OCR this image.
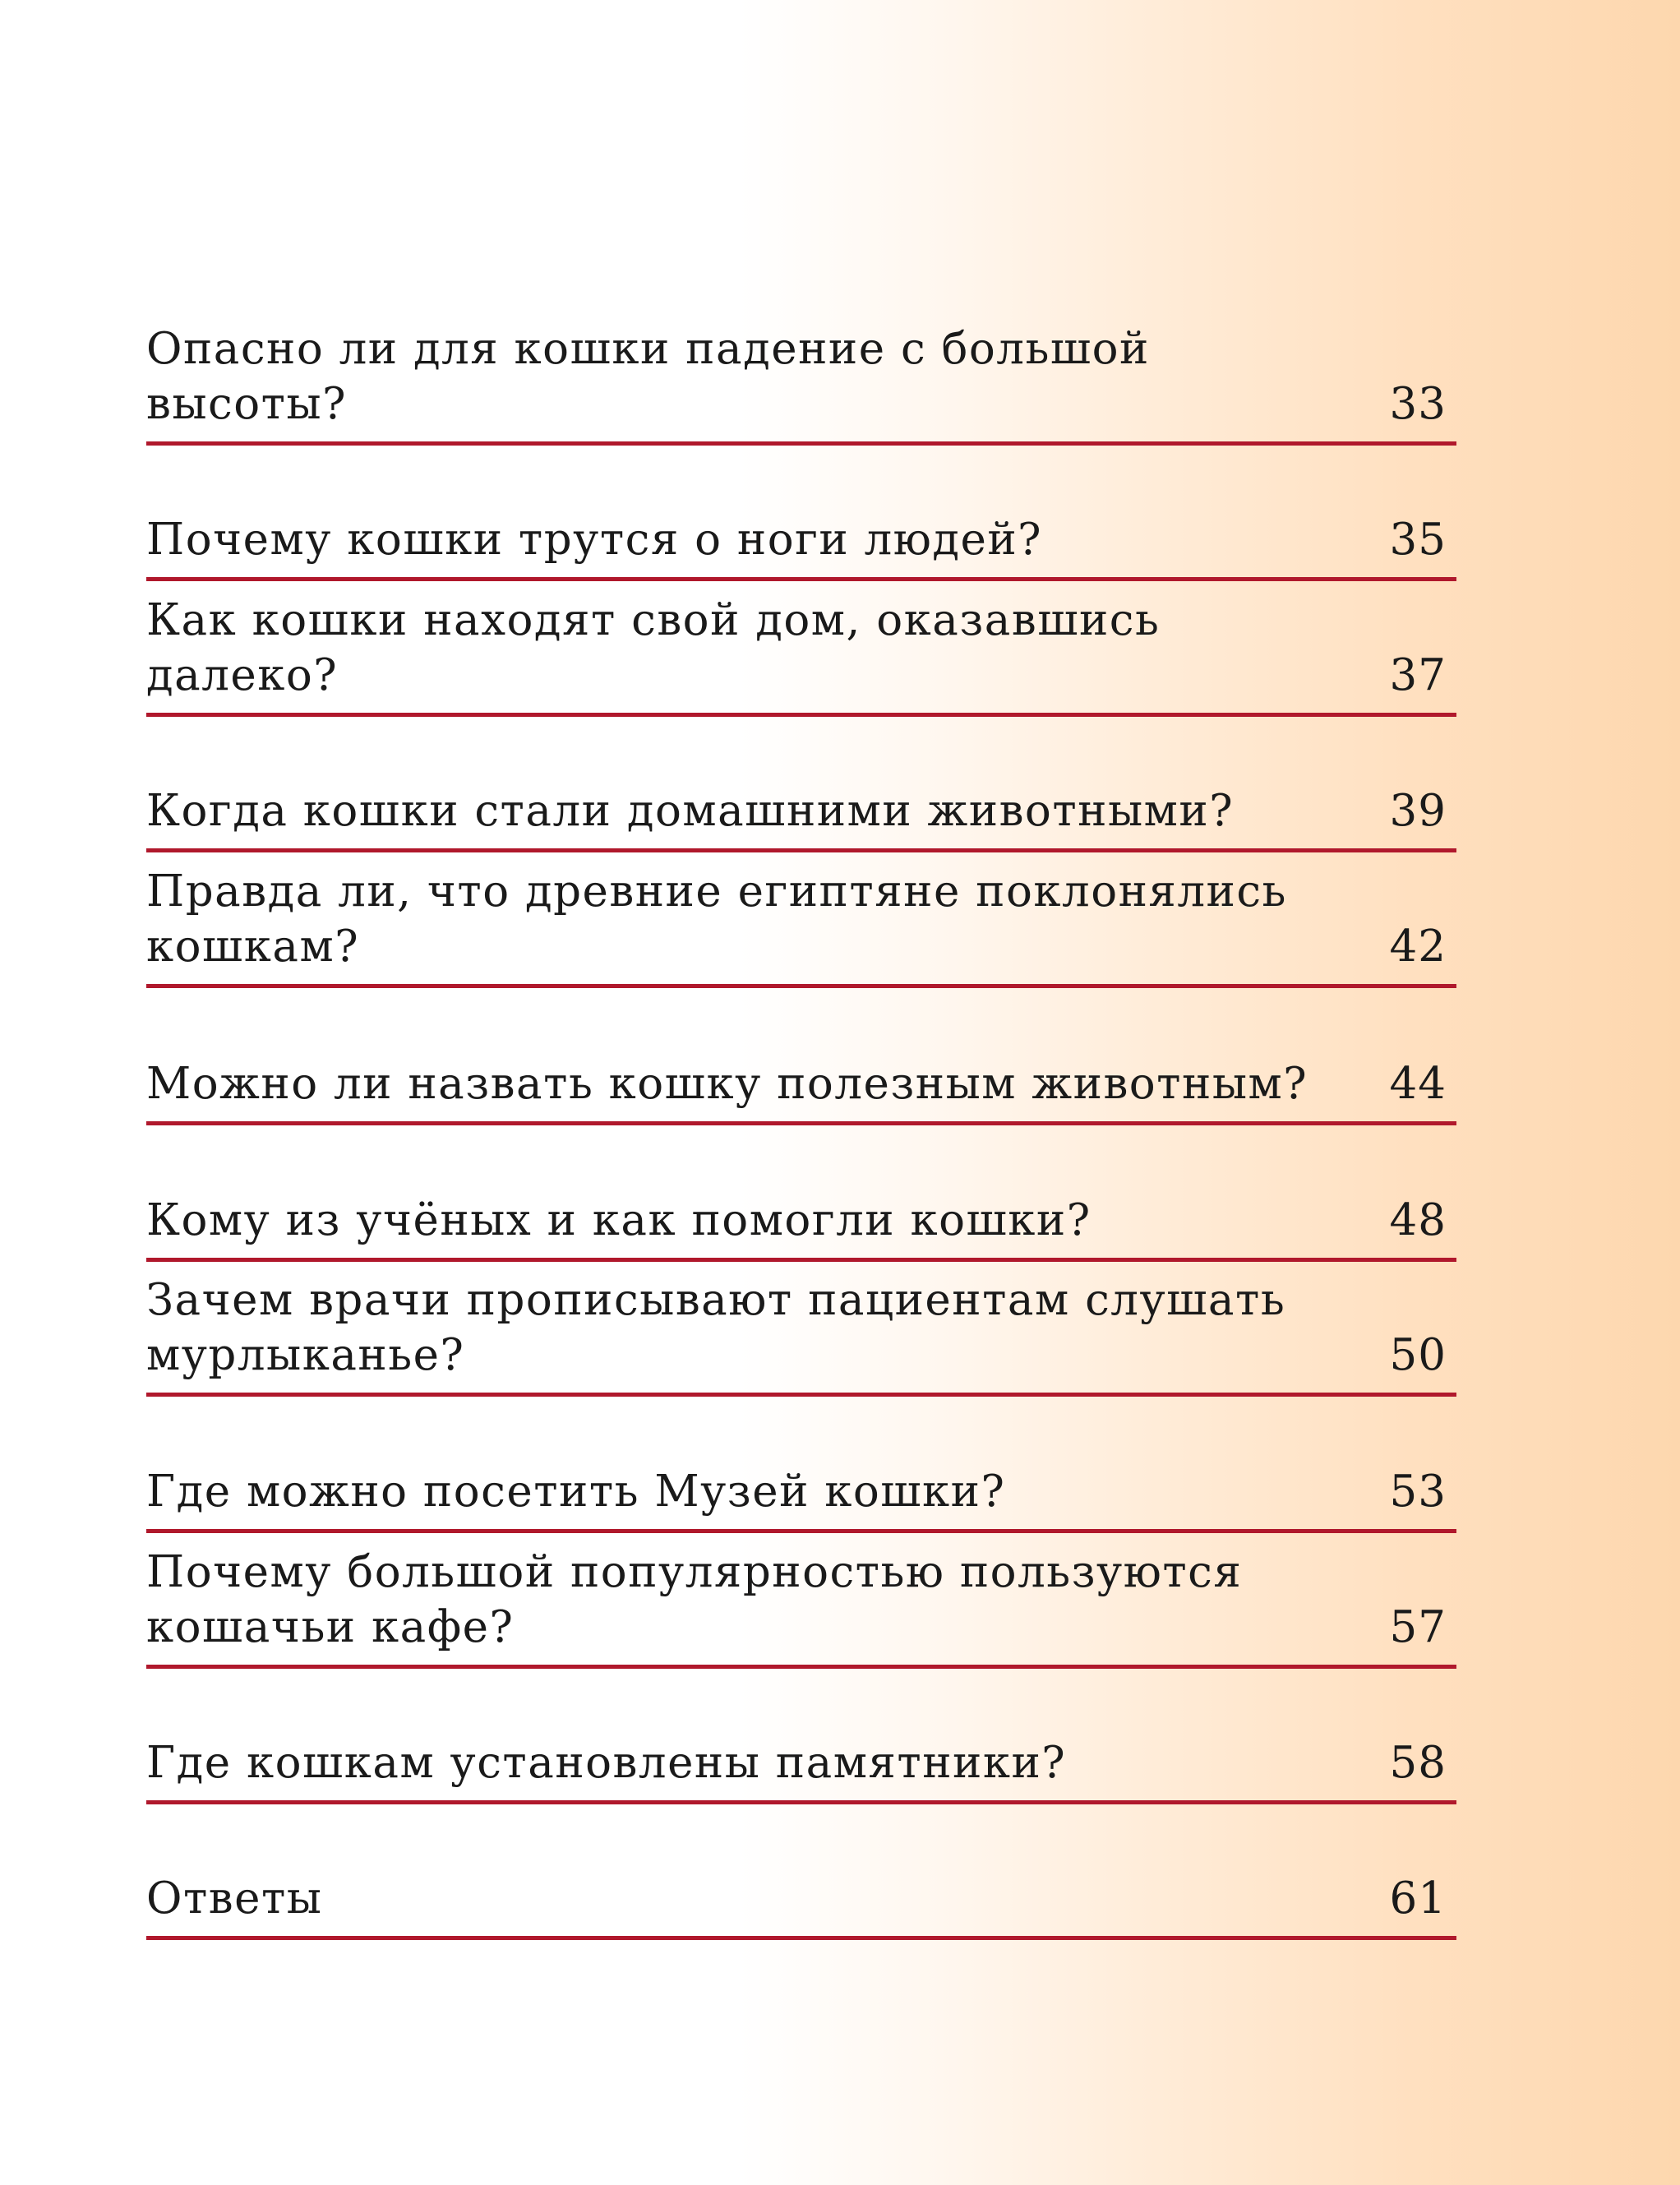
Опасно ли для кошки падение с большой
высоты?	33
Почему кошки трутся о ноги людей?	35
Как кошки находят свой дом, оказавшись
далеко?	37
Когда кошки стали домашними животными?	39
Правда ли, что древние египтяне поклонялись
кошкам?	42
Можно ли назвать кошку полезным животным?	44
Кому из учёных и как помогли кошки?	48
Зачем врачи прописывают пациентам слушать
мурлыканье?	50
Где можно посетить Музей кошки?	53
Почему большой популярностью пользуются
кошачьи кафе?	57
Где кошкам установлены памятники?	58
Ответы	61
